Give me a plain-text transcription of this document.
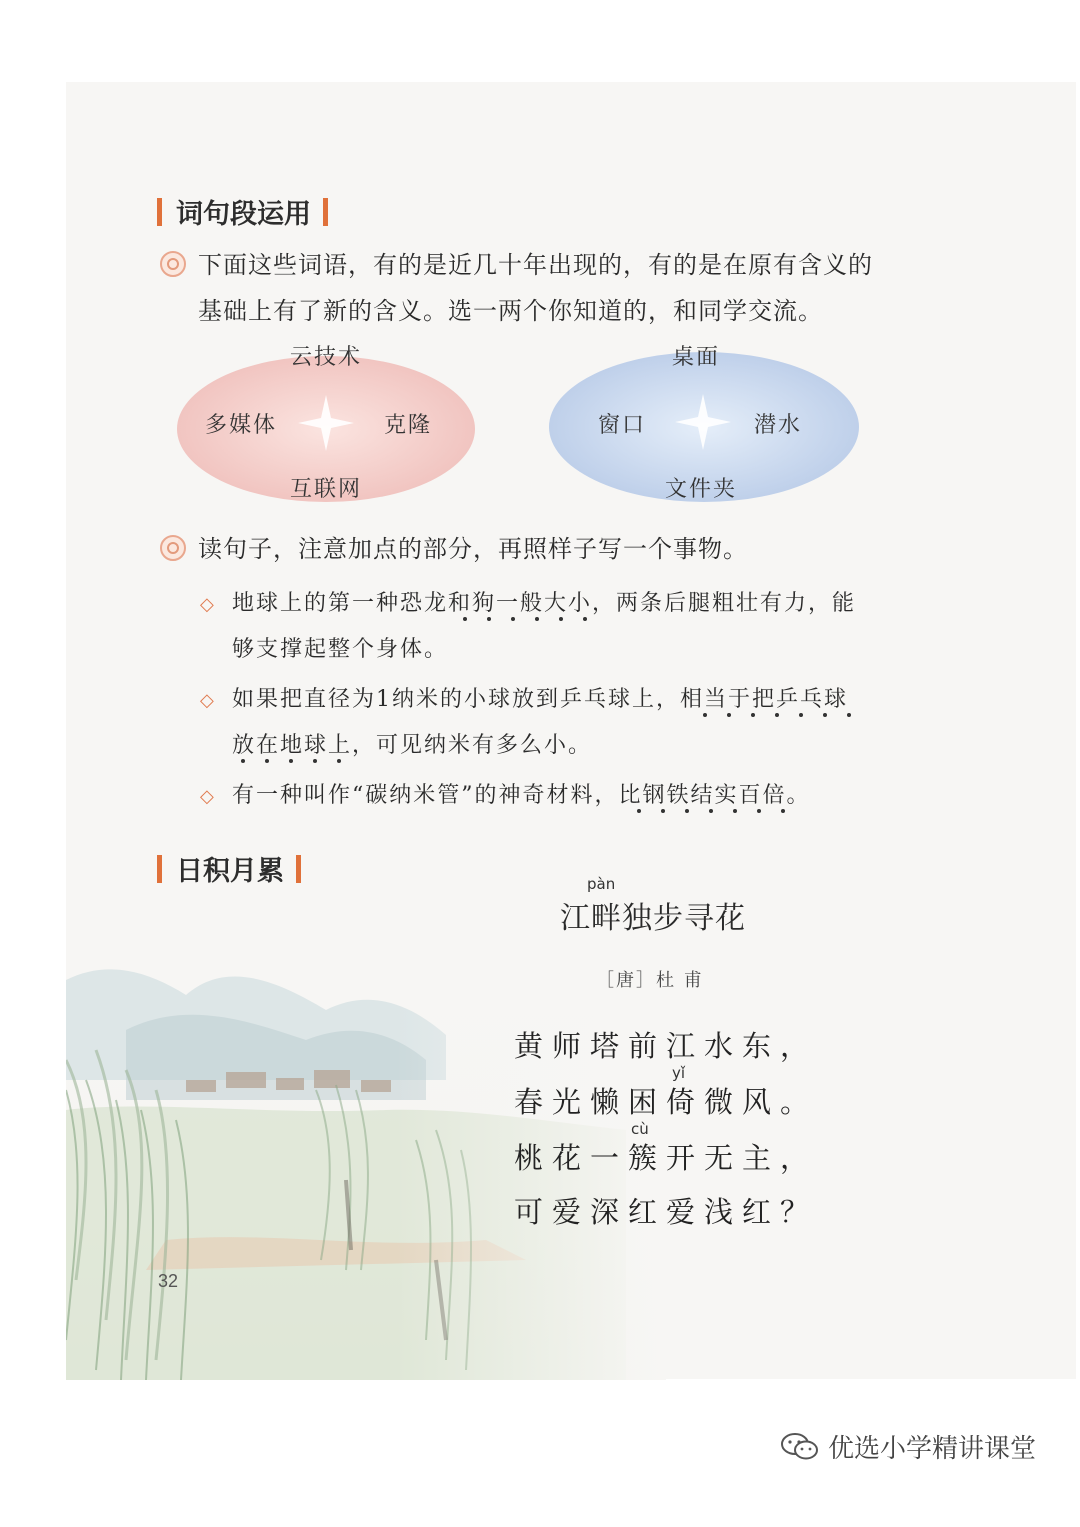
词句段运用
下面这些词语，有的是近几十年出现的，有的是在原有含义的
基础上有了新的含义。选一两个你知道的，和同学交流。
云技术
多媒体	克隆
互联网
桌面
窗口	潜水
文件夹
读句子，注意加点的部分，再照样子写一个事物。
◇ 地球上的第一种恐龙和狗一般大小，两条后腿粗壮有力，能
够支撑起整个身体。
◇ 如果把直径为1纳米的小球放到乒乓球上，相当于把乒乓球
放在地球上，可见纳米有多么小。
◇ 有一种叫作“碳纳米管”的神奇材料，比钢铁结实百倍。
日积月累	pàn
江畔独步寻花
［唐］杜 甫
黄师塔前江水东，
yǐ
春光懒困倚微风。
cù
桃花一簇开无主，
可爱深红爱浅红？
32
优选小学精讲课堂
